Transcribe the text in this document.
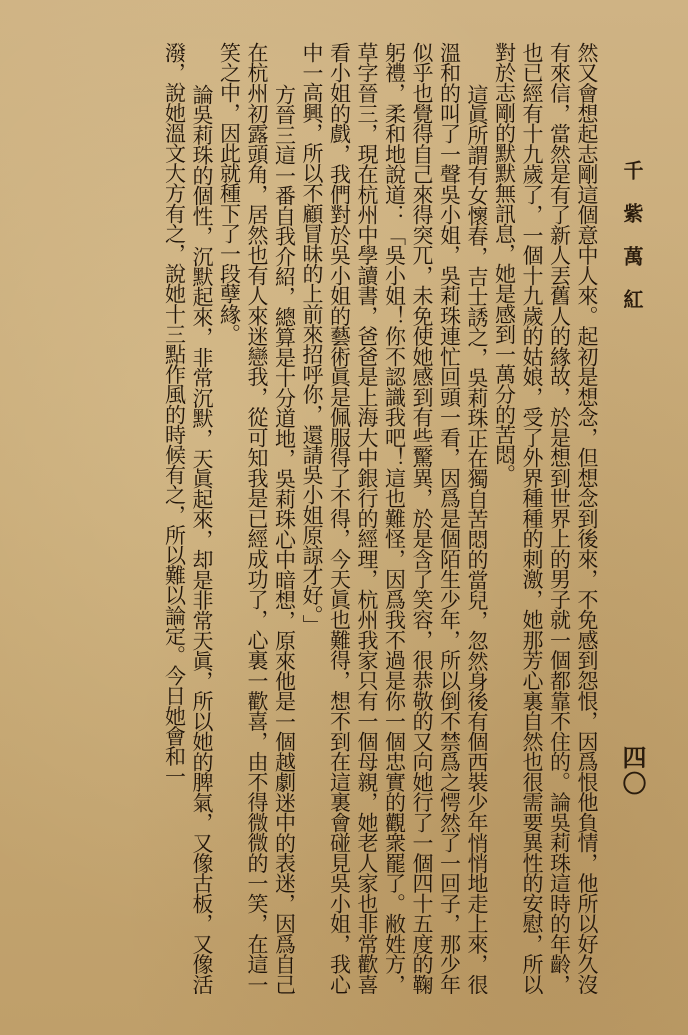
千 紫 萬 紅
四〇

然又會想起志剛這個意中人來。起初是想念，但想念到後來，不免感到怨恨，因爲恨他負情，他所以好久沒有來信，當然是有了新人丟舊人的緣故，於是想到世界上的男子就一個都靠不住的。論吳莉珠這時的年齡，也已經有十九歲了，一個十九歲的姑娘，受了外界種種的刺激，她那芳心裏自然也很需要異性的安慰，所以對於志剛的默默無訊息，她是感到一萬分的苦悶。

這眞所謂有女懷春，吉士誘之，吳莉珠正在獨自苦悶的當兒，忽然身後有個西裝少年悄悄地走上來，很溫和的叫了一聲吳小姐，吳莉珠連忙回頭一看，因爲是個陌生少年，所以倒不禁爲之愕然了一回子，那少年似乎也覺得自己來得突兀，未免使她感到有些驚異，於是含了笑容，很恭敬的又向她行了一個四十五度的鞠躬禮，柔和地說道：「吳小姐！你不認識我吧！這也難怪，因爲我不過是你一個忠實的觀衆罷了。敝姓方，草字晉三，現在杭州中學讀書，爸爸是上海大中銀行的經理，杭州我家只有一個母親，她老人家也非常歡喜看小姐的戲，我們對於吳小姐的藝術眞是佩服得了不得，今天眞也難得，想不到在這裏會碰見吳小姐，我心中一高興，所以不顧冒昧的上前來招呼你，還請吳小姐原諒才好。」

方晉三這一番自我介紹，總算是十分道地，吳莉珠心中暗想，原來他是一個越劇迷中的表迷，因爲自己在杭州初露頭角，居然也有人來迷戀我，從可知我是已經成功了，心裏一歡喜，由不得微微的一笑，在這一笑之中，因此就種下了一段孽緣。

論吳莉珠的個性，沉默起來，非常沉默，天眞起來，却是非常天眞，所以她的脾氣，又像古板，又像活潑，說她溫文大方有之，說她十三點作風的時候有之，所以難以論定。今日她會和一
